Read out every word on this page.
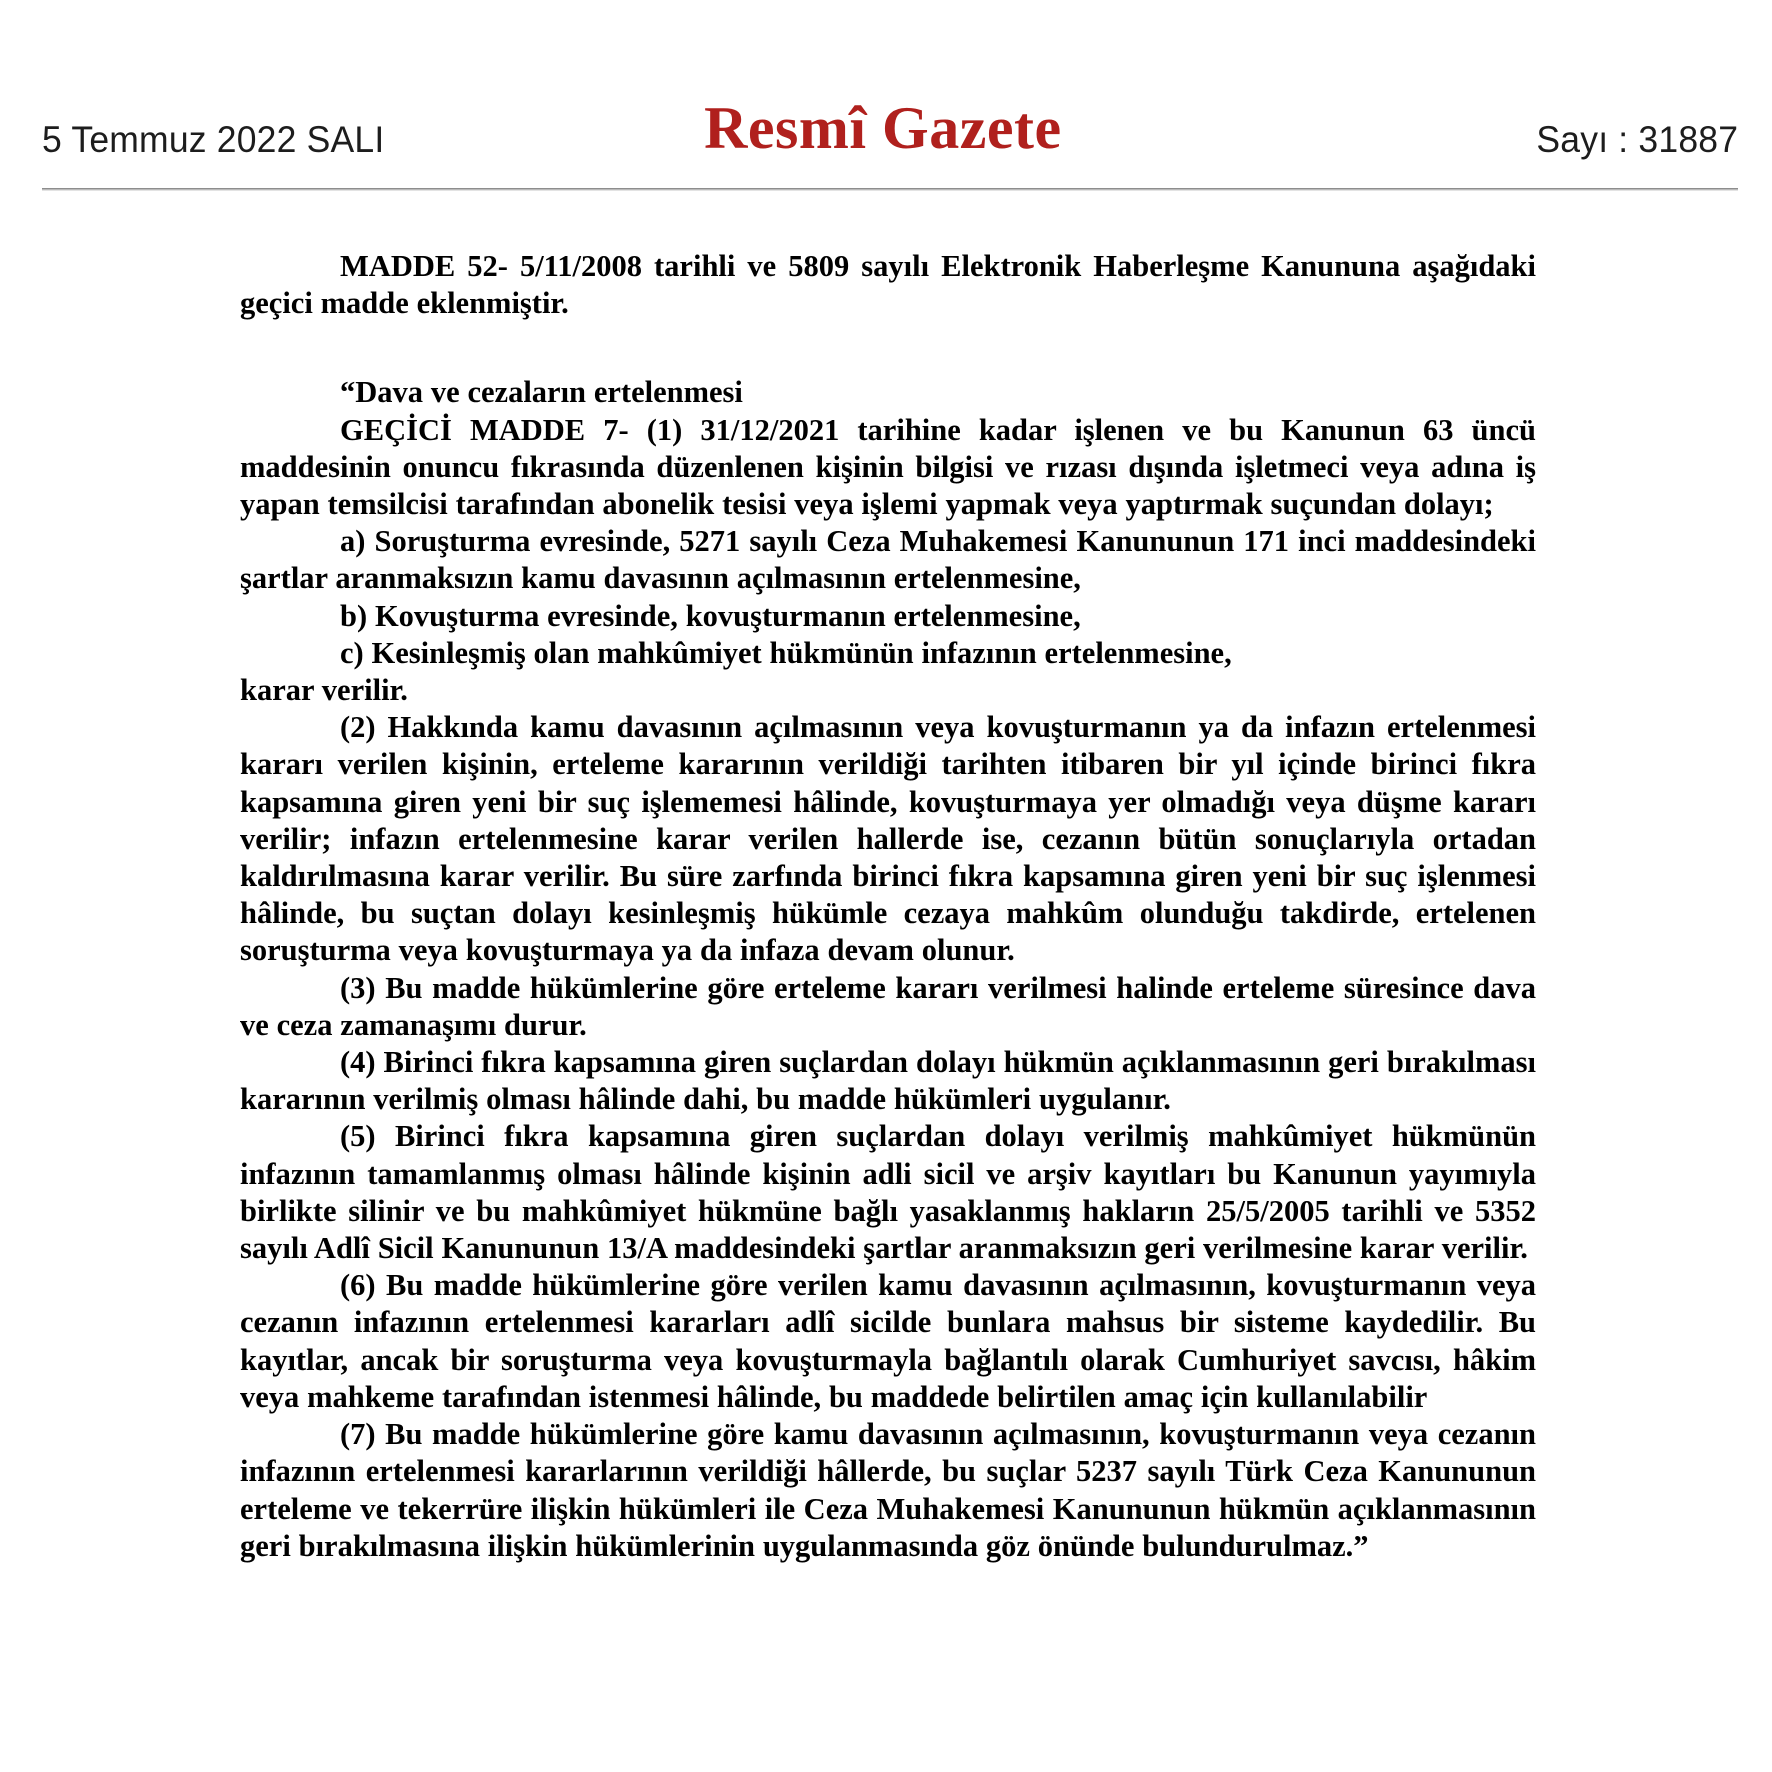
5 Temmuz 2022 SALI	Resmî Gazete	Sayı : 31887

MADDE 52- 5/11/2008 tarihli ve 5809 sayılı Elektronik Haberleşme Kanununa aşağıdaki geçici madde eklenmiştir.

“Dava ve cezaların ertelenmesi

GEÇİCİ MADDE 7- (1) 31/12/2021 tarihine kadar işlenen ve bu Kanunun 63 üncü maddesinin onuncu fıkrasında düzenlenen kişinin bilgisi ve rızası dışında işletmeci veya adına iş yapan temsilcisi tarafından abonelik tesisi veya işlemi yapmak veya yaptırmak suçundan dolayı;

a) Soruşturma evresinde, 5271 sayılı Ceza Muhakemesi Kanununun 171 inci maddesindeki şartlar aranmaksızın kamu davasının açılmasının ertelenmesine,

b) Kovuşturma evresinde, kovuşturmanın ertelenmesine,

c) Kesinleşmiş olan mahkûmiyet hükmünün infazının ertelenmesine,

karar verilir.

(2) Hakkında kamu davasının açılmasının veya kovuşturmanın ya da infazın ertelenmesi kararı verilen kişinin, erteleme kararının verildiği tarihten itibaren bir yıl içinde birinci fıkra kapsamına giren yeni bir suç işlememesi hâlinde, kovuşturmaya yer olmadığı veya düşme kararı verilir; infazın ertelenmesine karar verilen hallerde ise, cezanın bütün sonuçlarıyla ortadan kaldırılmasına karar verilir. Bu süre zarfında birinci fıkra kapsamına giren yeni bir suç işlenmesi hâlinde, bu suçtan dolayı kesinleşmiş hükümle cezaya mahkûm olunduğu takdirde, ertelenen soruşturma veya kovuşturmaya ya da infaza devam olunur.

(3) Bu madde hükümlerine göre erteleme kararı verilmesi halinde erteleme süresince dava ve ceza zamanaşımı durur.

(4) Birinci fıkra kapsamına giren suçlardan dolayı hükmün açıklanmasının geri bırakılması kararının verilmiş olması hâlinde dahi, bu madde hükümleri uygulanır.

(5) Birinci fıkra kapsamına giren suçlardan dolayı verilmiş mahkûmiyet hükmünün infazının tamamlanmış olması hâlinde kişinin adli sicil ve arşiv kayıtları bu Kanunun yayımıyla birlikte silinir ve bu mahkûmiyet hükmüne bağlı yasaklanmış hakların 25/5/2005 tarihli ve 5352 sayılı Adlî Sicil Kanununun 13/A maddesindeki şartlar aranmaksızın geri verilmesine karar verilir.

(6) Bu madde hükümlerine göre verilen kamu davasının açılmasının, kovuşturmanın veya cezanın infazının ertelenmesi kararları adlî sicilde bunlara mahsus bir sisteme kaydedilir. Bu kayıtlar, ancak bir soruşturma veya kovuşturmayla bağlantılı olarak Cumhuriyet savcısı, hâkim veya mahkeme tarafından istenmesi hâlinde, bu maddede belirtilen amaç için kullanılabilir

(7) Bu madde hükümlerine göre kamu davasının açılmasının, kovuşturmanın veya cezanın infazının ertelenmesi kararlarının verildiği hâllerde, bu suçlar 5237 sayılı Türk Ceza Kanununun erteleme ve tekerrüre ilişkin hükümleri ile Ceza Muhakemesi Kanununun hükmün açıklanmasının geri bırakılmasına ilişkin hükümlerinin uygulanmasında göz önünde bulundurulmaz.”
